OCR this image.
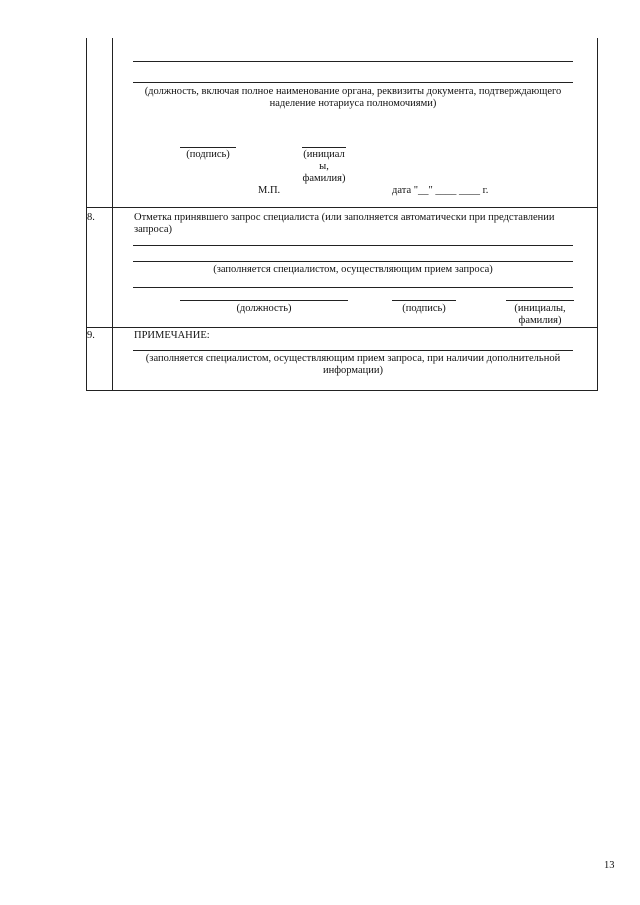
(должность, включая полное наименование органа, реквизиты документа, подтверждающего
наделение нотариуса полномочиями)
(подпись)	(инициал
ы,
фамилия)
М.П.	дата "__" ____ ____ г.
8.	Отметка принявшего запрос специалиста (или заполняется автоматически при представлении
запроса)
(заполняется специалистом, осуществляющим прием запроса)
(должность)	(подпись)	(инициалы,
фамилия)
9.	ПРИМЕЧАНИЕ:
(заполняется специалистом, осуществляющим прием запроса, при наличии дополнительной
информации)
13
